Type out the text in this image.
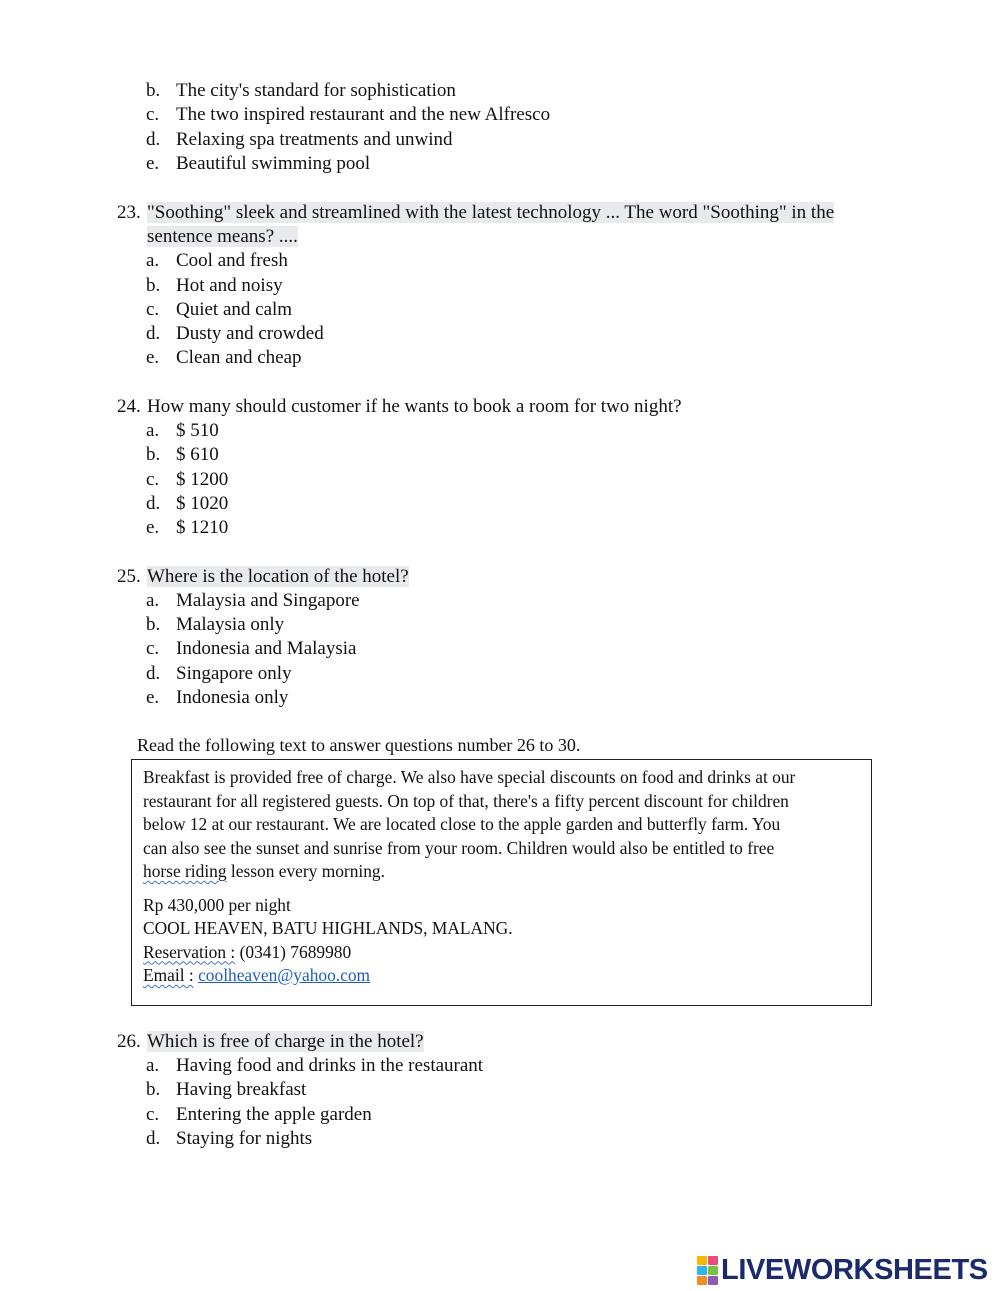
b. The city's standard for sophistication
c. The two inspired restaurant and the new Alfresco
d. Relaxing spa treatments and unwind
e. Beautiful swimming pool
23. "Soothing" sleek and streamlined with the latest technology ... The word "Soothing" in the
sentence means? ....
a. Cool and fresh
b. Hot and noisy
c. Quiet and calm
d. Dusty and crowded
e. Clean and cheap
24. How many should customer if he wants to book a room for two night?
a. $ 510
b. $ 610
c. $ 1200
d. $ 1020
e. $ 1210
25. Where is the location of the hotel?
a. Malaysia and Singapore
b. Malaysia only
c. Indonesia and Malaysia
d. Singapore only
e. Indonesia only
Read the following text to answer questions number 26 to 30.
Breakfast is provided free of charge. We also have special discounts on food and drinks at our
restaurant for all registered guests. On top of that, there's a fifty percent discount for children
below 12 at our restaurant. We are located close to the apple garden and butterfly farm. You
can also see the sunset and sunrise from your room. Children would also be entitled to free
horse riding lesson every morning.
Rp 430,000 per night
COOL HEAVEN, BATU HIGHLANDS, MALANG.
Reservation : (0341) 7689980
Email : coolheaven@yahoo.com
26. Which is free of charge in the hotel?
a. Having food and drinks in the restaurant
b. Having breakfast
c. Entering the apple garden
d. Staying for nights
LIVEWORKSHEETS
